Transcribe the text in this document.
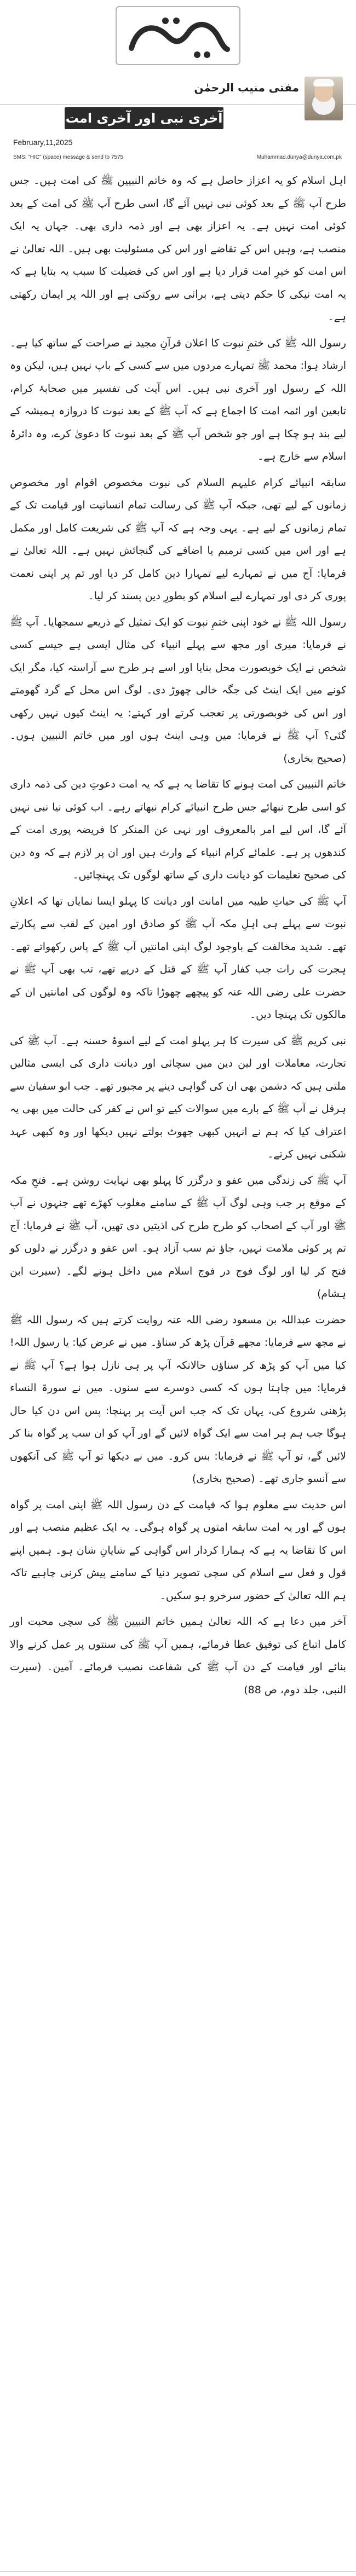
دنیا
مفتی منیب الرحمٰن
آخری نبی اور آخری امت
February,11,2025
SMS: "HIC" (space) message & send to 7575	Muhammad.dunya@dunya.com.pk

اہل اسلام کو یہ اعزاز حاصل ہے کہ وہ خاتم النبیین ﷺ کی امت ہیں۔ جس طرح آپ ﷺ کے بعد کوئی نبی نہیں آئے گا، اسی طرح آپ ﷺ کی امت کے بعد کوئی امت نہیں ہے۔ یہ اعزاز بھی ہے اور ذمہ داری بھی۔ جہاں یہ ایک منصب ہے، وہیں اس کے تقاضے اور اس کی مسئولیت بھی ہیں۔ اللہ تعالیٰ نے اس امت کو خیرِ امت قرار دیا ہے اور اس کی فضیلت کا سبب یہ بتایا ہے کہ یہ امت نیکی کا حکم دیتی ہے، برائی سے روکتی ہے اور اللہ پر ایمان رکھتی ہے۔

رسول اللہ ﷺ کی ختمِ نبوت کا اعلان قرآنِ مجید نے صراحت کے ساتھ کیا ہے۔ ارشاد ہوا: محمد ﷺ تمہارے مردوں میں سے کسی کے باپ نہیں ہیں، لیکن وہ اللہ کے رسول اور آخری نبی ہیں۔ اس آیت کی تفسیر میں صحابۂ کرام، تابعین اور ائمہ امت کا اجماع ہے کہ آپ ﷺ کے بعد نبوت کا دروازہ ہمیشہ کے لیے بند ہو چکا ہے اور جو شخص آپ ﷺ کے بعد نبوت کا دعویٰ کرے، وہ دائرۂ اسلام سے خارج ہے۔

سابقہ انبیائے کرام علیہم السلام کی نبوت مخصوص اقوام اور مخصوص زمانوں کے لیے تھی، جبکہ آپ ﷺ کی رسالت تمام انسانیت اور قیامت تک کے تمام زمانوں کے لیے ہے۔ یہی وجہ ہے کہ آپ ﷺ کی شریعت کامل اور مکمل ہے اور اس میں کسی ترمیم یا اضافے کی گنجائش نہیں ہے۔ اللہ تعالیٰ نے فرمایا: آج میں نے تمہارے لیے تمہارا دین کامل کر دیا اور تم پر اپنی نعمت پوری کر دی اور تمہارے لیے اسلام کو بطورِ دین پسند کر لیا۔

رسول اللہ ﷺ نے خود اپنی ختمِ نبوت کو ایک تمثیل کے ذریعے سمجھایا۔ آپ ﷺ نے فرمایا: میری اور مجھ سے پہلے انبیاء کی مثال ایسی ہے جیسے کسی شخص نے ایک خوبصورت محل بنایا اور اسے ہر طرح سے آراستہ کیا، مگر ایک کونے میں ایک اینٹ کی جگہ خالی چھوڑ دی۔ لوگ اس محل کے گرد گھومتے اور اس کی خوبصورتی پر تعجب کرتے اور کہتے: یہ اینٹ کیوں نہیں رکھی گئی؟ آپ ﷺ نے فرمایا: میں وہی اینٹ ہوں اور میں خاتم النبیین ہوں۔ (صحیح بخاری)

خاتم النبیین کی امت ہونے کا تقاضا یہ ہے کہ یہ امت دعوتِ دین کی ذمہ داری کو اسی طرح نبھائے جس طرح انبیائے کرام نبھاتے رہے۔ اب کوئی نیا نبی نہیں آئے گا، اس لیے امر بالمعروف اور نہی عن المنکر کا فریضہ پوری امت کے کندھوں پر ہے۔ علمائے کرام انبیاء کے وارث ہیں اور ان پر لازم ہے کہ وہ دین کی صحیح تعلیمات کو دیانت داری کے ساتھ لوگوں تک پہنچائیں۔

آپ ﷺ کی حیاتِ طیبہ میں امانت اور دیانت کا پہلو ایسا نمایاں تھا کہ اعلانِ نبوت سے پہلے ہی اہلِ مکہ آپ ﷺ کو صادق اور امین کے لقب سے پکارتے تھے۔ شدید مخالفت کے باوجود لوگ اپنی امانتیں آپ ﷺ کے پاس رکھواتے تھے۔ ہجرت کی رات جب کفار آپ ﷺ کے قتل کے درپے تھے، تب بھی آپ ﷺ نے حضرت علی رضی اللہ عنہ کو پیچھے چھوڑا تاکہ وہ لوگوں کی امانتیں ان کے مالکوں تک پہنچا دیں۔

نبی کریم ﷺ کی سیرت کا ہر پہلو امت کے لیے اسوۂ حسنہ ہے۔ آپ ﷺ کی تجارت، معاملات اور لین دین میں سچائی اور دیانت داری کی ایسی مثالیں ملتی ہیں کہ دشمن بھی ان کی گواہی دینے پر مجبور تھے۔ جب ابو سفیان سے ہرقل نے آپ ﷺ کے بارے میں سوالات کیے تو اس نے کفر کی حالت میں بھی یہ اعتراف کیا کہ ہم نے انہیں کبھی جھوٹ بولتے نہیں دیکھا اور وہ کبھی عہد شکنی نہیں کرتے۔

آپ ﷺ کی زندگی میں عفو و درگزر کا پہلو بھی نہایت روشن ہے۔ فتحِ مکہ کے موقع پر جب وہی لوگ آپ ﷺ کے سامنے مغلوب کھڑے تھے جنہوں نے آپ ﷺ اور آپ کے اصحاب کو طرح طرح کی اذیتیں دی تھیں، آپ ﷺ نے فرمایا: آج تم پر کوئی ملامت نہیں، جاؤ تم سب آزاد ہو۔ اس عفو و درگزر نے دلوں کو فتح کر لیا اور لوگ فوج در فوج اسلام میں داخل ہونے لگے۔ (سیرت ابن ہشام)

حضرت عبداللہ بن مسعود رضی اللہ عنہ روایت کرتے ہیں کہ رسول اللہ ﷺ نے مجھ سے فرمایا: مجھے قرآن پڑھ کر سناؤ۔ میں نے عرض کیا: یا رسول اللہ! کیا میں آپ کو پڑھ کر سناؤں حالانکہ آپ پر ہی نازل ہوا ہے؟ آپ ﷺ نے فرمایا: میں چاہتا ہوں کہ کسی دوسرے سے سنوں۔ میں نے سورۃ النساء پڑھنی شروع کی، یہاں تک کہ جب اس آیت پر پہنچا: پس اس دن کیا حال ہوگا جب ہم ہر امت سے ایک گواہ لائیں گے اور آپ کو ان سب پر گواہ بنا کر لائیں گے، تو آپ ﷺ نے فرمایا: بس کرو۔ میں نے دیکھا تو آپ ﷺ کی آنکھوں سے آنسو جاری تھے۔ (صحیح بخاری)

اس حدیث سے معلوم ہوا کہ قیامت کے دن رسول اللہ ﷺ اپنی امت پر گواہ ہوں گے اور یہ امت سابقہ امتوں پر گواہ ہوگی۔ یہ ایک عظیم منصب ہے اور اس کا تقاضا یہ ہے کہ ہمارا کردار اس گواہی کے شایانِ شان ہو۔ ہمیں اپنے قول و فعل سے اسلام کی سچی تصویر دنیا کے سامنے پیش کرنی چاہیے تاکہ ہم اللہ تعالیٰ کے حضور سرخرو ہو سکیں۔

آخر میں دعا ہے کہ اللہ تعالیٰ ہمیں خاتم النبیین ﷺ کی سچی محبت اور کامل اتباع کی توفیق عطا فرمائے، ہمیں آپ ﷺ کی سنتوں پر عمل کرنے والا بنائے اور قیامت کے دن آپ ﷺ کی شفاعت نصیب فرمائے۔ آمین۔ (سیرت النبی، جلد دوم، ص 88)
